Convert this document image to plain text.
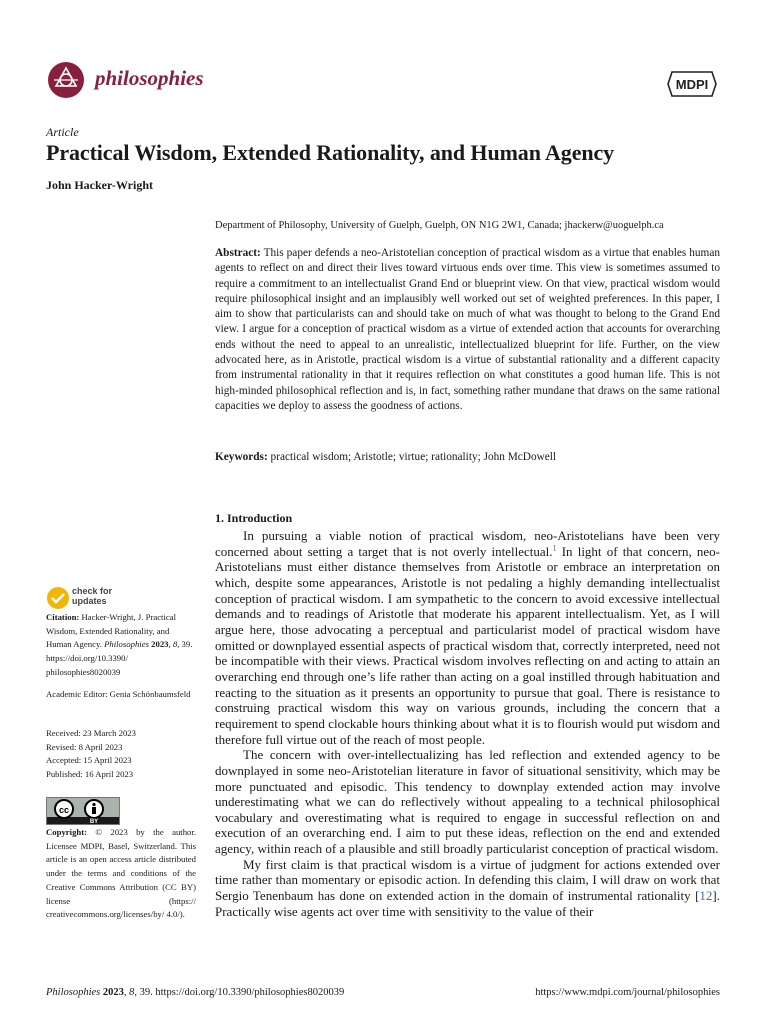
philosophies	MDPI
Article
Practical Wisdom, Extended Rationality, and Human Agency
John Hacker-Wright
Department of Philosophy, University of Guelph, Guelph, ON N1G 2W1, Canada; jhackerw@uoguelph.ca
Abstract: This paper defends a neo-Aristotelian conception of practical wisdom as a virtue that enables human agents to reflect on and direct their lives toward virtuous ends over time. This view is sometimes assumed to require a commitment to an intellectualist Grand End or blueprint view. On that view, practical wisdom would require philosophical insight and an implausibly well worked out set of weighted preferences. In this paper, I aim to show that particularists can and should take on much of what was thought to belong to the Grand End view. I argue for a conception of practical wisdom as a virtue of extended action that accounts for overarching ends without the need to appeal to an unrealistic, intellectualized blueprint for life. Further, on the view advocated here, as in Aristotle, practical wisdom is a virtue of substantial rationality and a different capacity from instrumental rationality in that it requires reflection on what constitutes a good human life. This is not high-minded philosophical reflection and is, in fact, something rather mundane that draws on the same rational capacities we deploy to assess the goodness of actions.
Keywords: practical wisdom; Aristotle; virtue; rationality; John McDowell
check for
updates
Citation: Hacker-Wright, J. Practical Wisdom, Extended Rationality, and Human Agency. Philosophies 2023, 8, 39. https://doi.org/10.3390/ philosophies8020039
Academic Editor: Genia Schönbaumsfeld
Received: 23 March 2023
Revised: 8 April 2023
Accepted: 15 April 2023
Published: 16 April 2023
cc
BY
Copyright: © 2023 by the author. Licensee MDPI, Basel, Switzerland. This article is an open access article distributed under the terms and conditions of the Creative Commons Attribution (CC BY) license (https:// creativecommons.org/licenses/by/ 4.0/).
1. Introduction

In pursuing a viable notion of practical wisdom, neo-Aristotelians have been very concerned about setting a target that is not overly intellectual.$^1$ In light of that concern, neo-Aristotelians must either distance themselves from Aristotle or embrace an interpretation on which, despite some appearances, Aristotle is not pedaling a highly demanding intellectualist conception of practical wisdom. I am sympathetic to the concern to avoid excessive intellectual demands and to readings of Aristotle that moderate his apparent intellectualism. Yet, as I will argue here, those advocating a perceptual and particularist model of practical wisdom have omitted or downplayed essential aspects of practical wisdom that, correctly interpreted, need not be incompatible with their views. Practical wisdom involves reflecting on and acting to attain an overarching end through one’s life rather than acting on a goal instilled through habituation and reacting to the situation as it presents an opportunity to pursue that goal. There is resistance to construing practical wisdom this way on various grounds, including the concern that a requirement to spend clockable hours thinking about what it is to flourish would put wisdom and therefore full virtue out of the reach of most people.

The concern with over-intellectualizing has led reflection and extended agency to be downplayed in some neo-Aristotelian literature in favor of situational sensitivity, which may be more punctuated and episodic. This tendency to downplay extended action may involve underestimating what we can do reflectively without appealing to a technical philosophical vocabulary and overestimating what is required to engage in successful reflection on and execution of an overarching end. I aim to put these ideas, reflection on the end and extended agency, within reach of a plausible and still broadly particularist conception of practical wisdom.

My first claim is that practical wisdom is a virtue of judgment for actions extended over time rather than momentary or episodic action. In defending this claim, I will draw on work that Sergio Tenenbaum has done on extended action in the domain of instrumental rationality [12]. Practically wise agents act over time with sensitivity to the value of their

Philosophies 2023, 8, 39. https://doi.org/10.3390/philosophies8020039	https://www.mdpi.com/journal/philosophies
